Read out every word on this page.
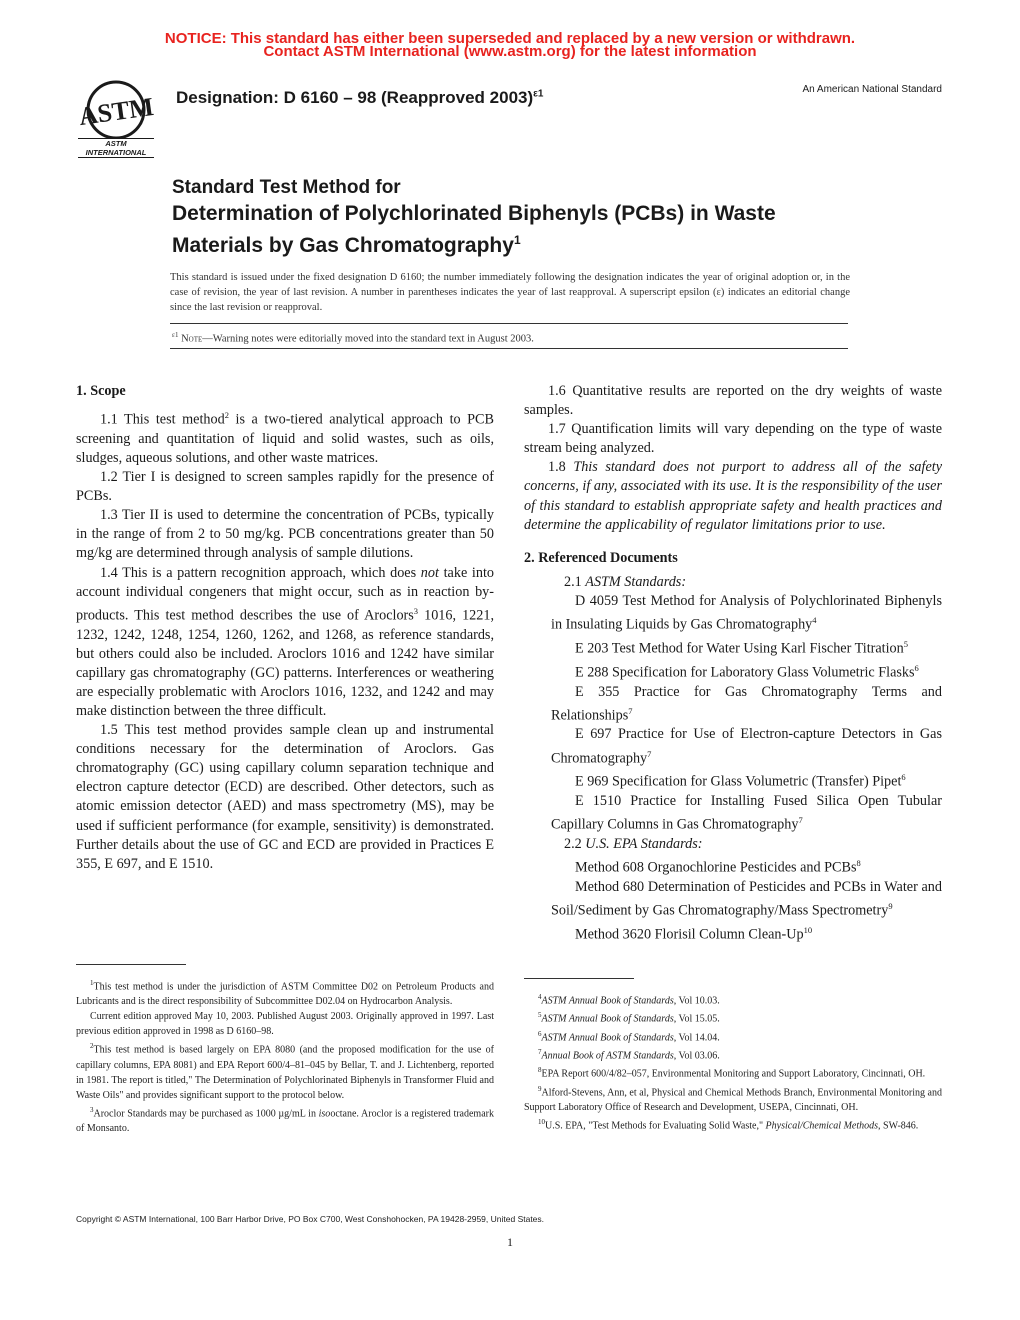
NOTICE: This standard has either been superseded and replaced by a new version or withdrawn.
Contact ASTM International (www.astm.org) for the latest information
ASTM
ASTM INTERNATIONAL
Designation: D 6160 – 98 (Reapproved 2003)$^{\varepsilon 1}$	An American National Standard
Standard Test Method for
Determination of Polychlorinated Biphenyls (PCBs) in Waste
Materials by Gas Chromatography$^1$
This standard is issued under the fixed designation D 6160; the number immediately following the designation indicates the year of original adoption or, in the case of revision, the year of last revision. A number in parentheses indicates the year of last reapproval. A superscript epsilon (ε) indicates an editorial change since the last revision or reapproval.
$^{\varepsilon 1}$ Note—Warning notes were editorially moved into the standard text in August 2003.
1. Scope

1.1 This test method$^2$ is a two-tiered analytical approach to PCB screening and quantitation of liquid and solid wastes, such as oils, sludges, aqueous solutions, and other waste matrices.

1.2 Tier I is designed to screen samples rapidly for the presence of PCBs.

1.3 Tier II is used to determine the concentration of PCBs, typically in the range of from 2 to 50 mg/kg. PCB concentrations greater than 50 mg/kg are determined through analysis of sample dilutions.

1.4 This is a pattern recognition approach, which does not take into account individual congeners that might occur, such as in reaction by-products. This test method describes the use of Aroclors$^3$ 1016, 1221, 1232, 1242, 1248, 1254, 1260, 1262, and 1268, as reference standards, but others could also be included. Aroclors 1016 and 1242 have similar capillary gas chromatography (GC) patterns. Interferences or weathering are especially problematic with Aroclors 1016, 1232, and 1242 and may make distinction between the three difficult.

1.5 This test method provides sample clean up and instrumental conditions necessary for the determination of Aroclors. Gas chromatography (GC) using capillary column separation technique and electron capture detector (ECD) are described. Other detectors, such as atomic emission detector (AED) and mass spectrometry (MS), may be used if sufficient performance (for example, sensitivity) is demonstrated. Further details about the use of GC and ECD are provided in Practices E 355, E 697, and E 1510.

1.6 Quantitative results are reported on the dry weights of waste samples.

1.7 Quantification limits will vary depending on the type of waste stream being analyzed.

1.8 This standard does not purport to address all of the safety concerns, if any, associated with its use. It is the responsibility of the user of this standard to establish appropriate safety and health practices and determine the applicability of regulator limitations prior to use.

2. Referenced Documents

2.1 ASTM Standards:

D 4059 Test Method for Analysis of Polychlorinated Biphenyls in Insulating Liquids by Gas Chromatography$^4$

E 203 Test Method for Water Using Karl Fischer Titration$^5$

E 288 Specification for Laboratory Glass Volumetric Flasks$^6$

E 355 Practice for Gas Chromatography Terms and Relationships$^7$

E 697 Practice for Use of Electron-capture Detectors in Gas Chromatography$^7$

E 969 Specification for Glass Volumetric (Transfer) Pipet$^6$

E 1510 Practice for Installing Fused Silica Open Tubular Capillary Columns in Gas Chromatography$^7$

2.2 U.S. EPA Standards:

Method 608 Organochlorine Pesticides and PCBs$^8$

Method 680 Determination of Pesticides and PCBs in Water and Soil/Sediment by Gas Chromatography/Mass Spectrometry$^9$

Method 3620 Florisil Column Clean-Up$^{10}$

$^1$This test method is under the jurisdiction of ASTM Committee D02 on Petroleum Products and Lubricants and is the direct responsibility of Subcommittee D02.04 on Hydrocarbon Analysis.

Current edition approved May 10, 2003. Published August 2003. Originally approved in 1997. Last previous edition approved in 1998 as D 6160–98.

$^2$This test method is based largely on EPA 8080 (and the proposed modification for the use of capillary columns, EPA 8081) and EPA Report 600/4–81–045 by Bellar, T. and J. Lichtenberg, reported in 1981. The report is titled," The Determination of Polychlorinated Biphenyls in Transformer Fluid and Waste Oils" and provides significant support to the protocol below.

$^3$Aroclor Standards may be purchased as 1000 µg/mL in isooctane. Aroclor is a registered trademark of Monsanto.

$^4$ASTM Annual Book of Standards, Vol 10.03.

$^5$ASTM Annual Book of Standards, Vol 15.05.

$^6$ASTM Annual Book of Standards, Vol 14.04.

$^7$Annual Book of ASTM Standards, Vol 03.06.

$^8$EPA Report 600/4/82–057, Environmental Monitoring and Support Laboratory, Cincinnati, OH.

$^9$Alford-Stevens, Ann, et al, Physical and Chemical Methods Branch, Environmental Monitoring and Support Laboratory Office of Research and Development, USEPA, Cincinnati, OH.

$^{10}$U.S. EPA, "Test Methods for Evaluating Solid Waste," Physical/Chemical Methods, SW-846.

Copyright © ASTM International, 100 Barr Harbor Drive, PO Box C700, West Conshohocken, PA 19428-2959, United States.
1
